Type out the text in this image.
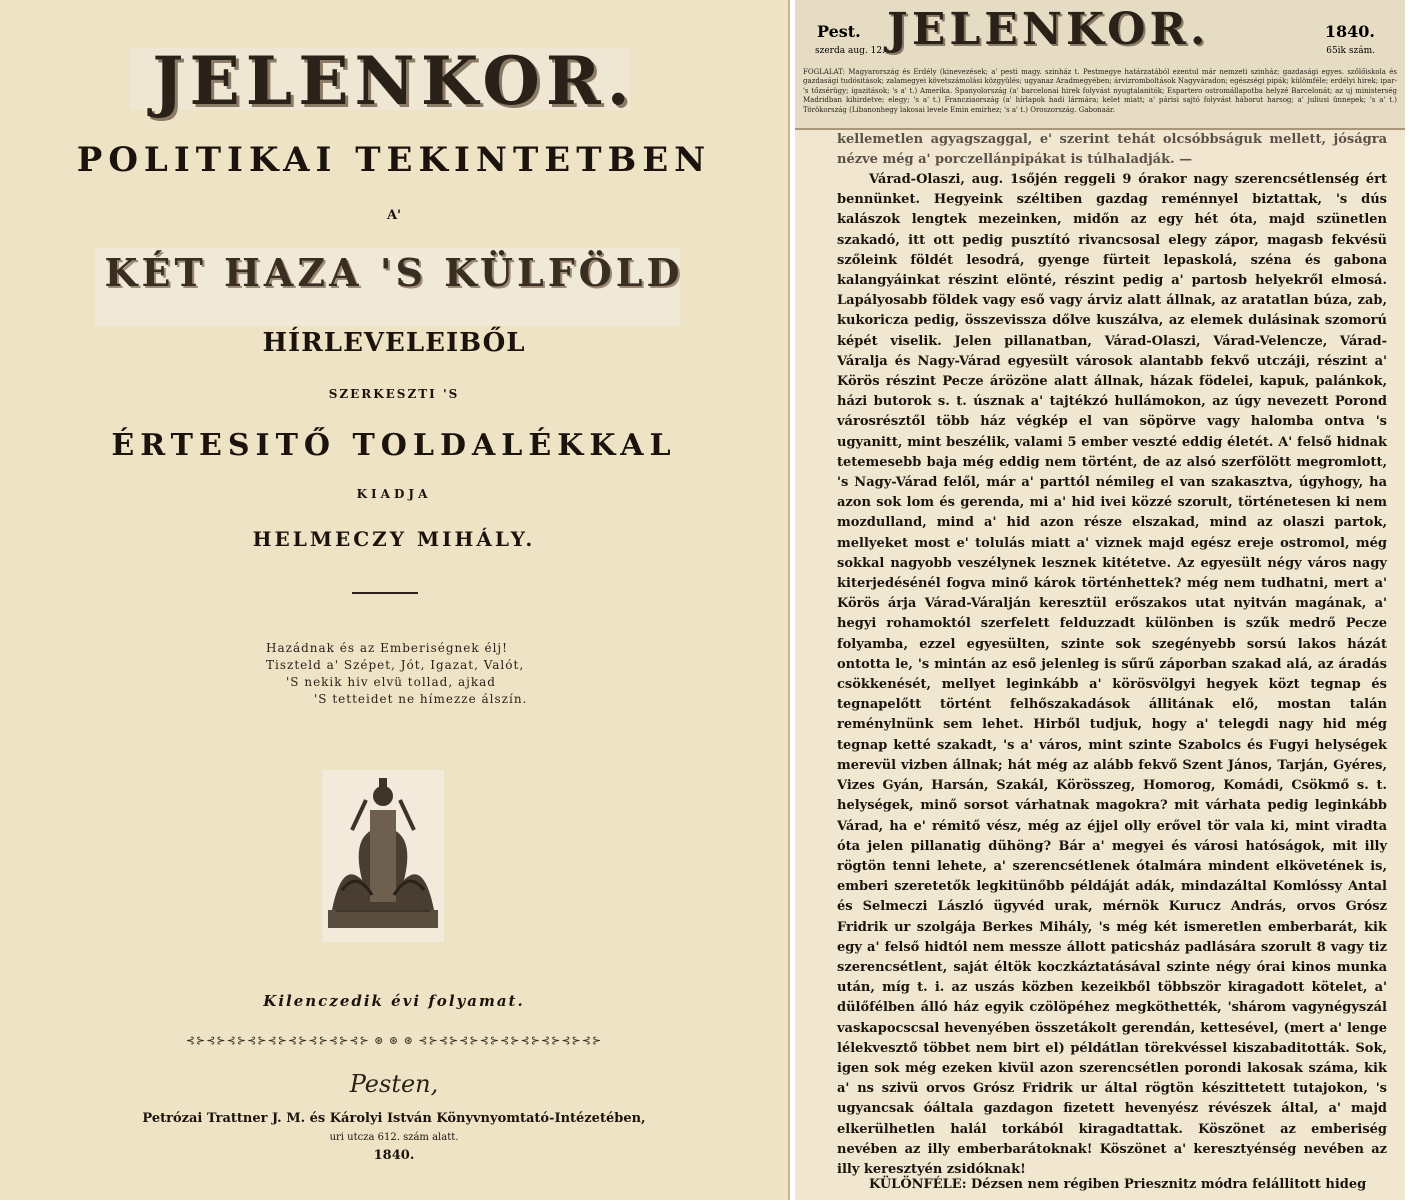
JELENKOR.
POLITIKAI TEKINTETBEN
A'
KÉT HAZA 'S KÜLFÖLD
HÍRLEVELEIBŐL
SZERKESZTI 'S
ÉRTESITŐ TOLDALÉKKAL
KIADJA
HELMECZY MIHÁLY.
Hazádnak és az Emberiségnek élj!
Tiszteld a' Szépet, Jót, Igazat, Valót,
'S nekik hiv elvü tollad, ajkad
'S tetteidet ne hímezze álszín.
Kilenczedik évi folyamat.
⊰⊱⊰⊱⊰⊱⊰⊱⊰⊱⊰⊱⊰⊱⊰⊱⊰⊱ ⊛ ⊛ ⊛ ⊰⊱⊰⊱⊰⊱⊰⊱⊰⊱⊰⊱⊰⊱⊰⊱⊰⊱
Pesten,
Petrózai Trattner J. M. és Károlyi István Könyvnyomtató-Intézetében,
uri utcza 612. szám alatt.
1840.
Pest.
szerda aug. 12. JELENKOR.	1840.
65ik szám.
FOGLALAT: Magyarország és Erdély (kinevezések; a' pesti magy. szinház t. Pestmegye határzatából ezentul már nemzeti szinház; gazdasági egyes. szőlőiskola és gazdasági tudósitások; zalamegyei követszámolási közgyülés; ugyanaz Aradmegyében; árvizromboltások Nagyváradon; egészségi pipák; külömféle; erdélyi hirek; ipar-'s tőzsérügy; igazitások; 's a' t.) Amerika. Spanyolország (a' barcelonai hirek folyvást nyugtalanitók; Espartero ostromállapotba helyzé Barcelonát; az uj ministerség Madridban kihirdetve; elegy; 's a' t.) Francziaország (a' hírlapok hadi lármára; kelet miatt; a' párisi sajtó folyvást háborut harsog; a' juliusi ünnepek; 's a' t.) Törökország (Libanonhegy lakosai levele Emin emirhez; 's a' t.) Oroszország. Gabonaár.
kellemetlen agyagszaggal, e' szerint tehát olcsóbbságuk mellett, jóságra nézve még a' porczellánpipákat is túlhaladják. —
Várad-Olaszi, aug. 1sőjén reggeli 9 órakor nagy szerencsétlenség ért bennünket. Hegyeink széltiben gazdag reménnyel biztattak, 's dús kalászok lengtek mezeinken, midőn az egy hét óta, majd szünetlen szakadó, itt ott pedig pusztító rivancsosal elegy zápor, magasb fekvésü szőleink földét lesodrá, gyenge fürteit lepaskolá, széna és gabona kalangyáinkat részint elönté, részint pedig a' partosb helyekről elmosá. Lapályosabb földek vagy eső vagy árviz alatt állnak, az aratatlan búza, zab, kukoricza pedig, összevissza dőlve kuszálva, az elemek dulásinak szomorú képét viselik. Jelen pillanatban, Várad-Olaszi, Várad-Velencze, Várad-Váralja és Nagy-Várad egyesült városok alantabb fekvő utczáji, részint a' Körös részint Pecze árözöne alatt állnak, házak födelei, kapuk, palánkok, házi butorok s. t. úsznak a' tajtékzó hullámokon, az úgy nevezett Porond városrésztől több ház végkép el van söpörve vagy halomba ontva 's ugyanitt, mint beszélik, valami 5 ember veszté eddig életét. A' felső hidnak tetemesebb baja még eddig nem történt, de az alsó szerfölött megromlott, 's Nagy-Várad felől, már a' parttól némileg el van szakasztva, úgyhogy, ha azon sok lom és gerenda, mi a' hid ivei közzé szorult, történetesen ki nem mozdulland, mind a' hid azon része elszakad, mind az olaszi partok, mellyeket most e' tolulás miatt a' viznek majd egész ereje ostromol, még sokkal nagyobb veszélynek lesznek kitétetve. Az egyesült négy város nagy kiterjedésénél fogva minő károk történhettek? még nem tudhatni, mert a' Körös árja Várad-Váralján keresztül erőszakos utat nyitván magának, a' hegyi rohamoktól szerfelett felduzzadt különben is szűk medrő Pecze folyamba, ezzel egyesülten, szinte sok szegényebb sorsú lakos házát ontotta le, 's mintán az eső jelenleg is sűrű záporban szakad alá, az áradás csökkenését, mellyet leginkább a' körösvölgyi hegyek közt tegnap és tegnapelőtt történt felhőszakadások állitának elő, mostan talán reménylnünk sem lehet. Hirből tudjuk, hogy a' telegdi nagy hid még tegnap ketté szakadt, 's a' város, mint szinte Szabolcs és Fugyi helységek merevül vizben állnak; hát még az alább fekvő Szent János, Tarján, Gyéres, Vizes Gyán, Harsán, Szakál, Körösszeg, Homorog, Komádi, Csökmő s. t. helységek, minő sorsot várhatnak magokra? mit várhata pedig leginkább Várad, ha e' rémitő vész, még az éjjel olly erővel tör vala ki, mint viradta óta jelen pillanatig dühöng? Bár a' megyei és városi hatóságok, mit illy rögtön tenni lehete, a' szerencsétlenek ótalmára mindent elkövetének is, emberi szeretetők legkitünőbb példáját adák, mindazáltal Komlóssy Antal és Selmeczi László ügyvéd urak, mérnök Kurucz András, orvos Grósz Fridrik ur szolgája Berkes Mihály, 's még két ismeretlen emberbarát, kik egy a' felső hidtól nem messze állott paticsház padlására szorult 8 vagy tiz szerencsétlent, saját éltök koczkáztatásával szinte négy órai kinos munka után, míg t. i. az uszás közben kezeikből többször kiragadott kötelet, a' dülőfélben álló ház egyik czölöpéhez megköthették, 'shárom vagynégyszál vaskapocscsal hevenyében összetákolt gerendán, kettesével, (mert a' lenge lélekvesztő többet nem birt el) példátlan törekvéssel kiszabaditották. Sok, igen sok még ezeken kivül azon szerencsétlen porondi lakosak száma, kik a' ns szivü orvos Grósz Fridrik ur által rögtön készittetett tutajokon, 's ugyancsak óáltala gazdagon fizetett hevenyész révészek által, a' majd elkerülhetlen halál torkából kiragadtattak. Köszönet az emberiség nevében az illy emberbarátoknak! Köszönet a' keresztyénség nevében az illy keresztyén zsidóknak!
KÜLÖNFÉLE: Dézsen nem régiben Priesznitz módra felállitott hideg
